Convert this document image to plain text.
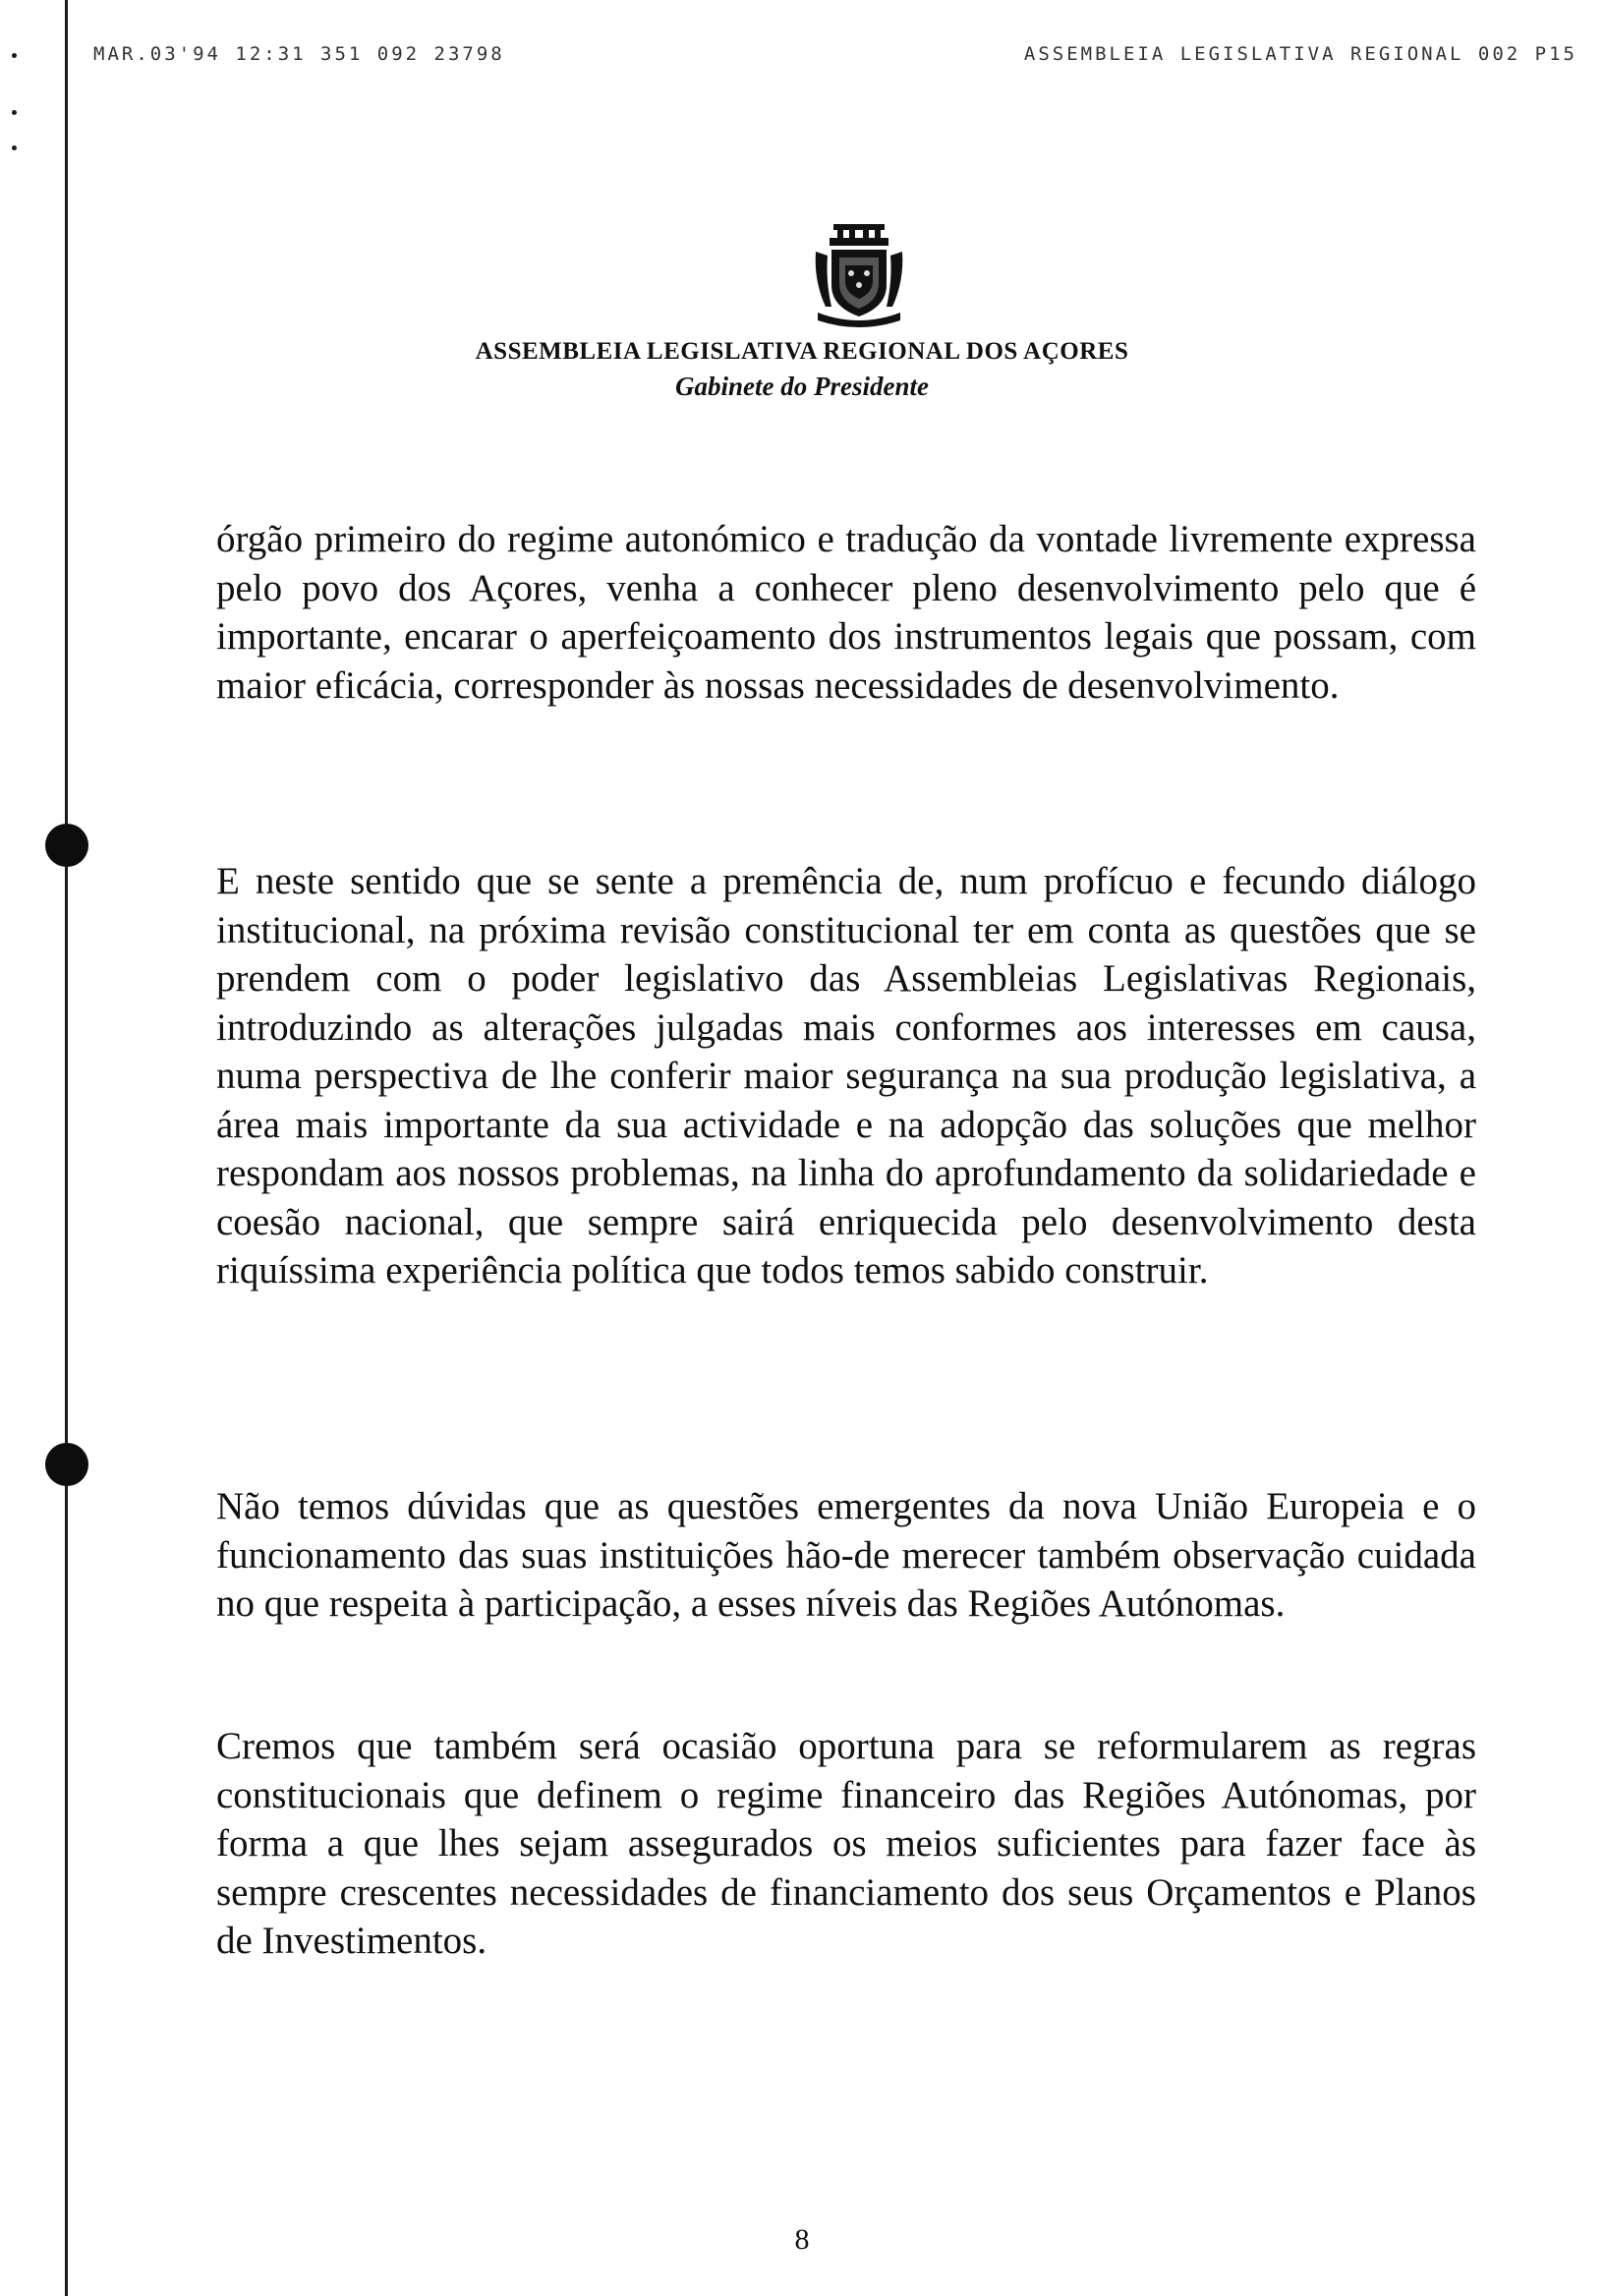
MAR.03'94 12:31 351 092 23798	ASSEMBLEIA LEGISLATIVA REGIONAL 002 P15
ASSEMBLEIA LEGISLATIVA REGIONAL DOS AÇORES
Gabinete do Presidente
órgão primeiro do regime autonómico e tradução da vontade livremente expressa pelo povo dos Açores, venha a conhecer pleno desenvolvimento pelo que é importante, encarar o aperfeiçoamento dos instrumentos legais que possam, com maior eficácia, corresponder às nossas necessidades de desenvolvimento.
E neste sentido que se sente a premência de, num profícuo e fecundo diálogo institucional, na próxima revisão constitucional ter em conta as questões que se prendem com o poder legislativo das Assembleias Legislativas Regionais, introduzindo as alterações julgadas mais conformes aos interesses em causa, numa perspectiva de lhe conferir maior segurança na sua produção legislativa, a área mais importante da sua actividade e na adopção das soluções que melhor respondam aos nossos problemas, na linha do aprofundamento da solidariedade e coesão nacional, que sempre sairá enriquecida pelo desenvolvimento desta riquíssima experiência política que todos temos sabido construir.
Não temos dúvidas que as questões emergentes da nova União Europeia e o funcionamento das suas instituições hão-de merecer também observação cuidada no que respeita à participação, a esses níveis das Regiões Autónomas.
Cremos que também será ocasião oportuna para se reformularem as regras constitucionais que definem o regime financeiro das Regiões Autónomas, por forma a que lhes sejam assegurados os meios suficientes para fazer face às sempre crescentes necessidades de financiamento dos seus Orçamentos e Planos de Investimentos.
8
